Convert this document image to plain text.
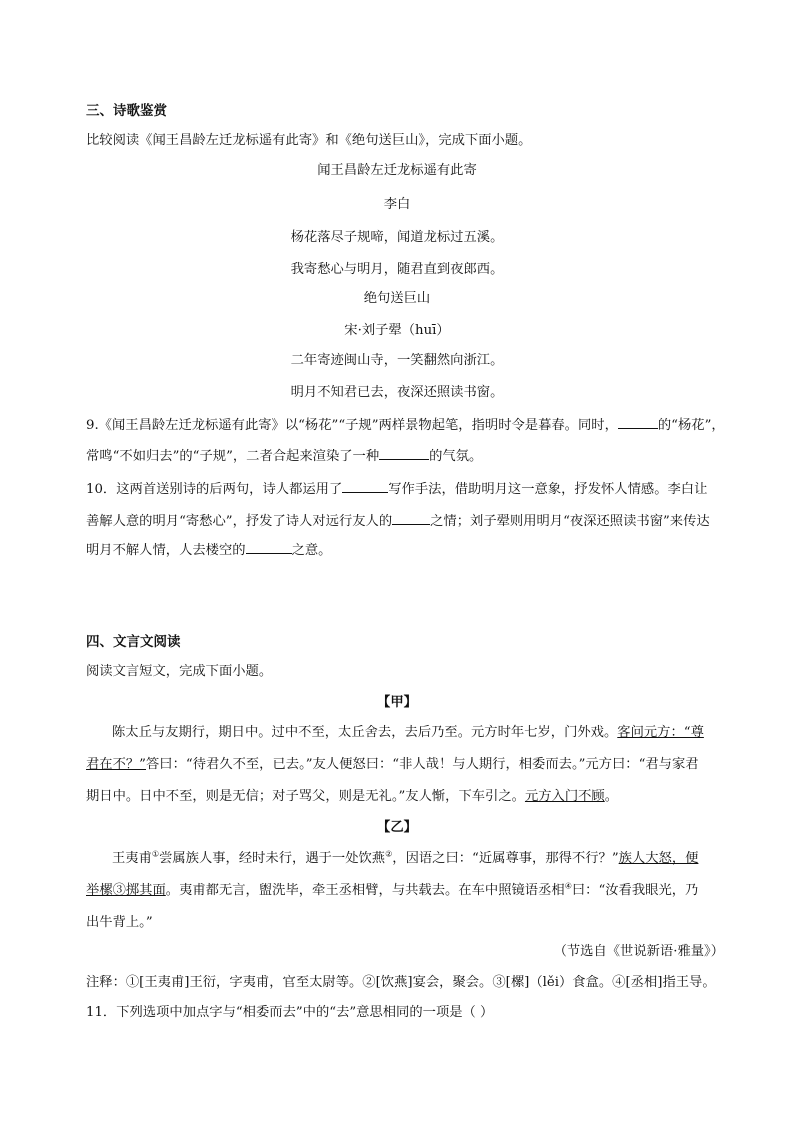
三、诗歌鉴赏
比较阅读《闻王昌龄左迁龙标遥有此寄》和《绝句送巨山》，完成下面小题。
闻王昌龄左迁龙标遥有此寄
李白
杨花落尽子规啼，闻道龙标过五溪。
我寄愁心与明月，随君直到夜郎西。
绝句送巨山
宋·刘子翚（huī）
二年寄迹闽山寺，一笑翻然向浙江。
明月不知君已去，夜深还照读书窗。
9.《闻王昌龄左迁龙标遥有此寄》以“杨花”“子规”两样景物起笔，指明时令是暮春。同时，	的“杨花”，
常鸣“不如归去”的“子规”，二者合起来渲染了一种	的气氛。
10．这两首送别诗的后两句，诗人都运用了	写作手法，借助明月这一意象，抒发怀人情感。李白让
善解人意的明月“寄愁心”，抒发了诗人对远行友人的	之情；刘子翚则用明月“夜深还照读书窗”来传达
明月不解人情，人去楼空的	之意。
四、文言文阅读
阅读文言短文，完成下面小题。
【甲】
陈太丘与友期行，期日中。过中不至，太丘舍去，去后乃至。元方时年七岁，门外戏。客问元方：“尊
君在不？”答曰：“待君久不至，已去。”友人便怒曰：“非人哉！与人期行，相委而去。”元方曰：“君与家君
期日中。日中不至，则是无信；对子骂父，则是无礼。”友人惭，下车引之。元方入门不顾。
【乙】
王夷甫①尝属族人事，经时未行，遇于一处饮燕②，因语之曰：“近属尊事，那得不行？”族人大怒，便
举樏③掷其面。夷甫都无言，盥洗毕，牵王丞相臂，与共载去。在车中照镜语丞相④曰：“汝看我眼光，乃
出牛背上。”
（节选自《世说新语·雅量》）
注释：①[王夷甫]王衍，字夷甫，官至太尉等。②[饮燕]宴会，聚会。③[樏]（lěi）食盒。④[丞相]指王导。
11．下列选项中加点字与“相委而去”中的“去”意思相同的一项是（ ）
